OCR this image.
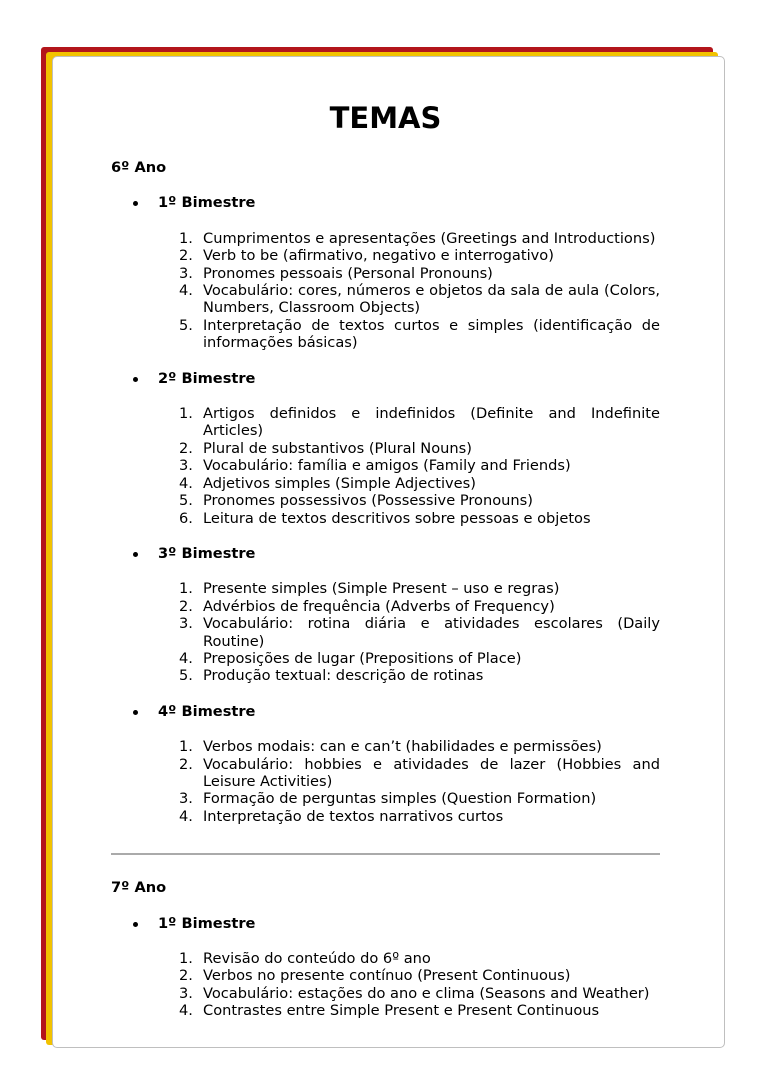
TEMAS
6º Ano
1º Bimestre
1. Cumprimentos e apresentações (Greetings and Introductions)
2. Verb to be (afirmativo, negativo e interrogativo)
3. Pronomes pessoais (Personal Pronouns)
4. Vocabulário: cores, números e objetos da sala de aula (Colors, Numbers, Classroom Objects)
5. Interpretação de textos curtos e simples (identificação de informações básicas)
2º Bimestre
1. Artigos definidos e indefinidos (Definite and Indefinite Articles)
2. Plural de substantivos (Plural Nouns)
3. Vocabulário: família e amigos (Family and Friends)
4. Adjetivos simples (Simple Adjectives)
5. Pronomes possessivos (Possessive Pronouns)
6. Leitura de textos descritivos sobre pessoas e objetos
3º Bimestre
1. Presente simples (Simple Present – uso e regras)
2. Advérbios de frequência (Adverbs of Frequency)
3. Vocabulário: rotina diária e atividades escolares (Daily Routine)
4. Preposições de lugar (Prepositions of Place)
5. Produção textual: descrição de rotinas
4º Bimestre
1. Verbos modais: can e can’t (habilidades e permissões)
2. Vocabulário: hobbies e atividades de lazer (Hobbies and Leisure Activities)
3. Formação de perguntas simples (Question Formation)
4. Interpretação de textos narrativos curtos
7º Ano
1º Bimestre
1. Revisão do conteúdo do 6º ano
2. Verbos no presente contínuo (Present Continuous)
3. Vocabulário: estações do ano e clima (Seasons and Weather)
4. Contrastes entre Simple Present e Present Continuous
